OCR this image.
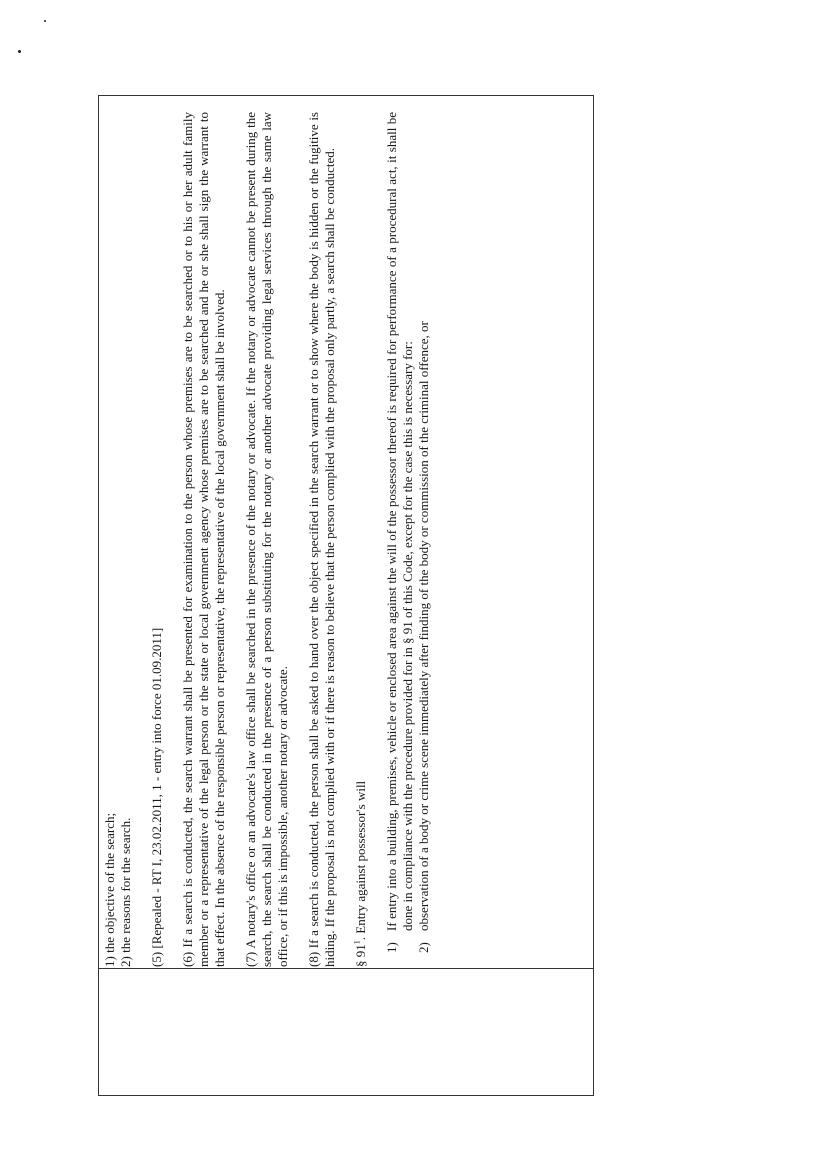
1) the objective of the search; 2) the reasons for the search. (5) [Repealed - RT I, 23.02.2011, 1 - entry into force 01.09.2011] (6) If a search is conducted, the search warrant shall be presented for examination to the person whose premises are to be searched or to his or her adult family member or a representative of the legal person or the state or local government agency whose premises are to be searched and he or she shall sign the warrant to that effect. In the absence of the responsible person or representative, the representative of the local government shall be involved. (7) A notary's office or an advocate's law office shall be searched in the presence of the notary or advocate. If the notary or advocate cannot be present during the search, the search shall be conducted in the presence of a person substituting for the notary or another advocate providing legal services through the same law office, or if this is impossible, another notary or advocate. (8) If a search is conducted, the person shall be asked to hand over the object specified in the search warrant or to show where the body is hidden or the fugitive is hiding. If the proposal is not complied with or if there is reason to believe that the person complied with the proposal only partly, a search shall be conducted. § $91^1$. Entry against possessor's will

1)
If entry into a building, premises, vehicle or enclosed area against the will of the possessor thereof is required for performance of a procedural act, it shall be done in compliance with the procedure provided for in § 91 of this Code, except for the case this is necessary for:
2)
observation of a body or crime scene immediately after finding of the body or commission of the criminal offence, or
